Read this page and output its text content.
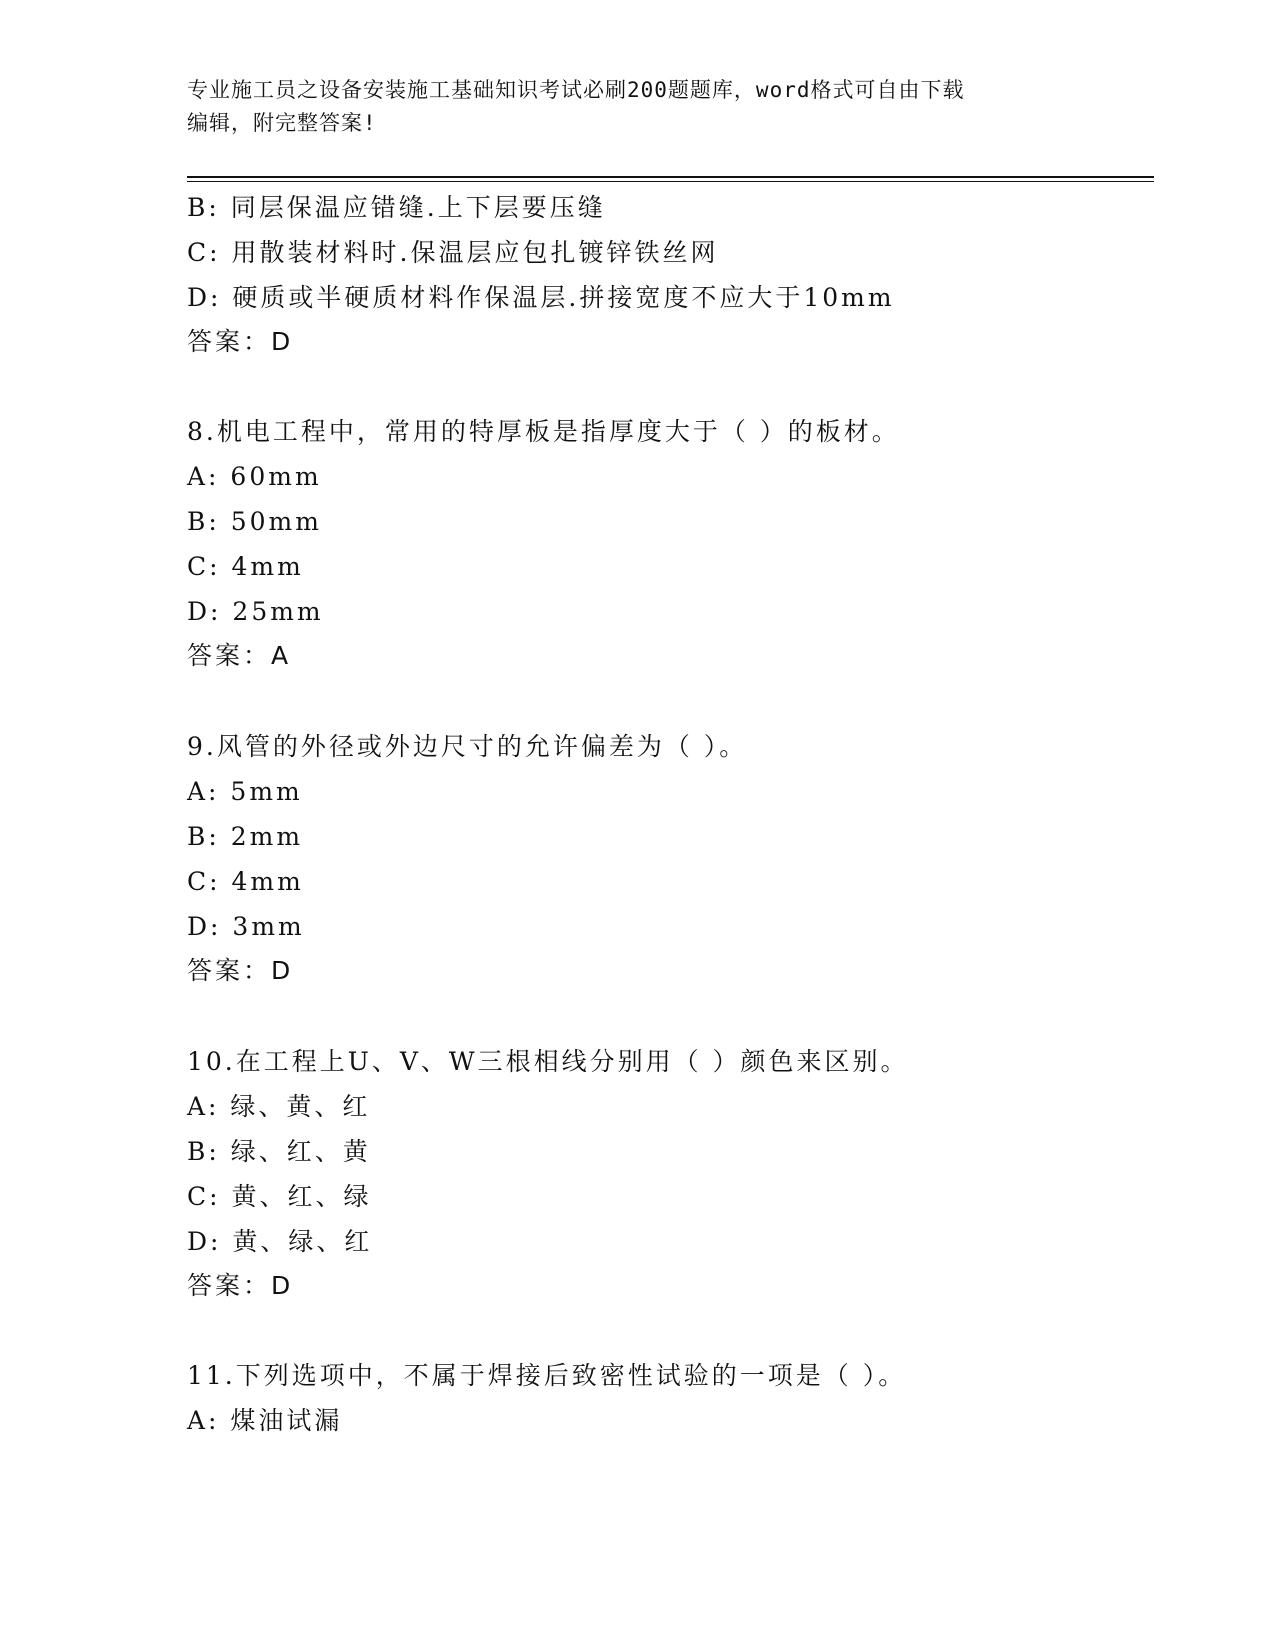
专业施工员之设备安装施工基础知识考试必刷200题题库，word格式可自由下载
编辑，附完整答案!
B: 同层保温应错缝.上下层要压缝
C: 用散装材料时.保温层应包扎镀锌铁丝网
D: 硬质或半硬质材料作保温层.拼接宽度不应大于10mm
答案：D
8.机电工程中，常用的特厚板是指厚度大于（ ）的板材。
A: 60mm
B: 50mm
C: 4mm
D: 25mm
答案：A
9.风管的外径或外边尺寸的允许偏差为（ ）。
A: 5mm
B: 2mm
C: 4mm
D: 3mm
答案：D
10.在工程上U、V、W三根相线分别用（ ）颜色来区别。
A: 绿、黄、红
B: 绿、红、黄
C: 黄、红、绿
D: 黄、绿、红
答案：D
11.下列选项中，不属于焊接后致密性试验的一项是（ ）。
A: 煤油试漏
